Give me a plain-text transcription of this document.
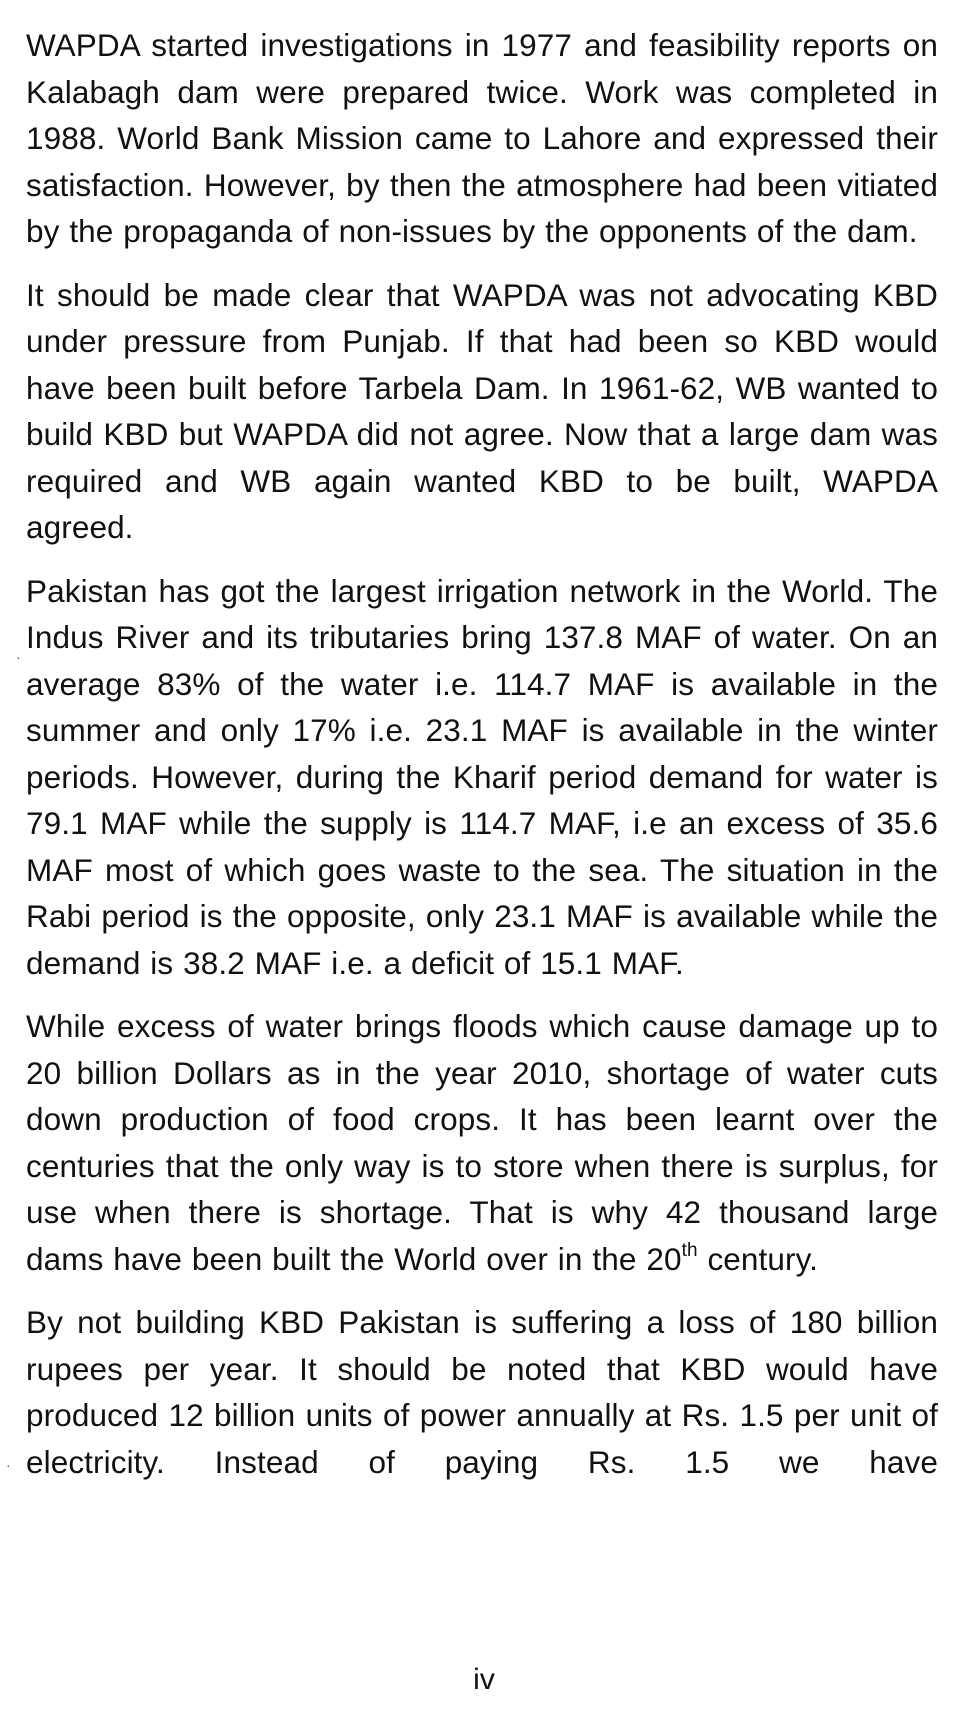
WAPDA started investigations in 1977 and feasibility reports on Kalabagh dam were prepared twice. Work was completed in 1988. World Bank Mission came to Lahore and expressed their satisfaction. However, by then the atmosphere had been vitiated by the propaganda of non-issues by the opponents of the dam.

It should be made clear that WAPDA was not advocating KBD under pressure from Punjab. If that had been so KBD would have been built before Tarbela Dam. In 1961-62, WB wanted to build KBD but WAPDA did not agree. Now that a large dam was required and WB again wanted KBD to be built, WAPDA agreed.

Pakistan has got the largest irrigation network in the World. The Indus River and its tributaries bring 137.8 MAF of water. On an average 83% of the water i.e. 114.7 MAF is available in the summer and only 17% i.e. 23.1 MAF is available in the winter periods. However, during the Kharif period demand for water is 79.1 MAF while the supply is 114.7 MAF, i.e an excess of 35.6 MAF most of which goes waste to the sea. The situation in the Rabi period is the opposite, only 23.1 MAF is available while the demand is 38.2 MAF i.e. a deficit of 15.1 MAF.

While excess of water brings floods which cause damage up to 20 billion Dollars as in the year 2010, shortage of water cuts down production of food crops. It has been learnt over the centuries that the only way is to store when there is surplus, for use when there is shortage. That is why 42 thousand large dams have been built the World over in the 20th century.

By not building KBD Pakistan is suffering a loss of 180 billion rupees per year. It should be noted that KBD would have produced 12 billion units of power annually at Rs. 1.5 per unit of electricity. Instead of paying Rs. 1.5 we have

·
·
iv
